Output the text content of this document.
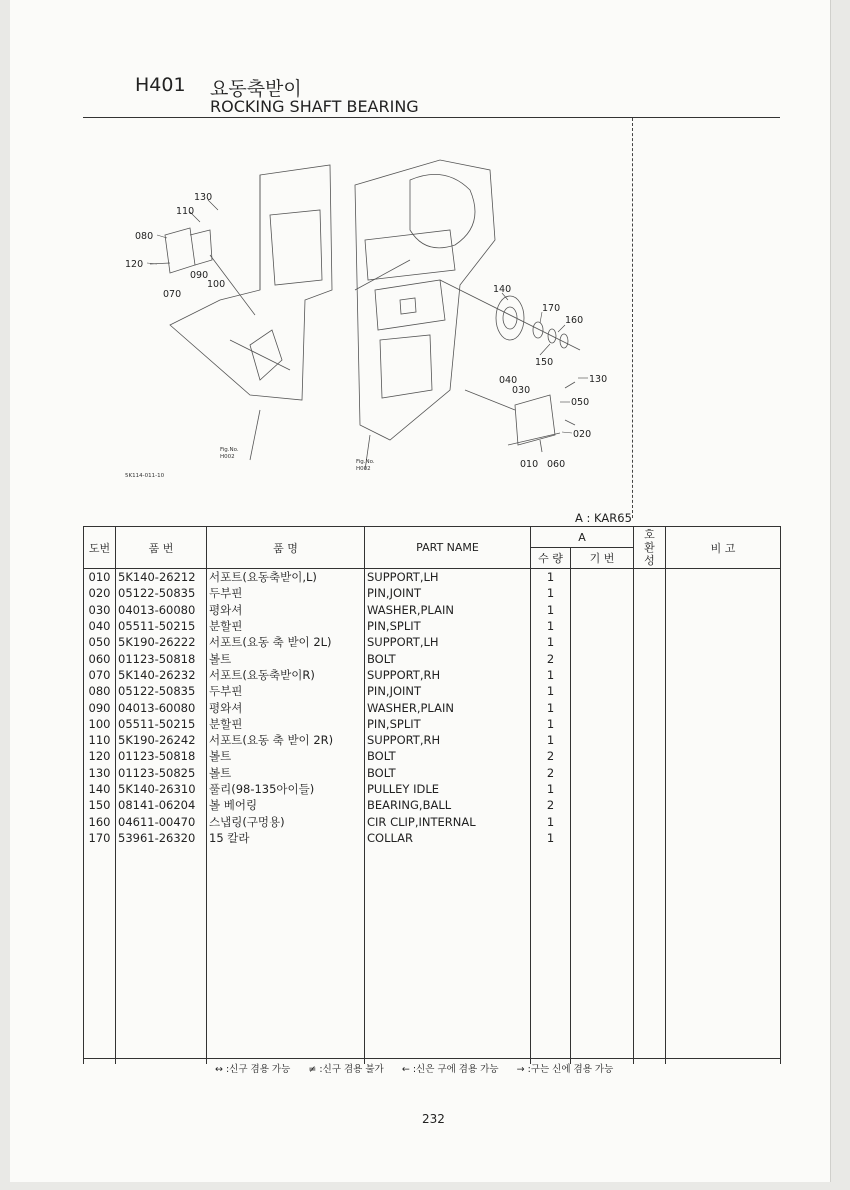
H401 요동축받이
ROCKING SHAFT BEARING
130
110
080
120
090
100
070	140
170
160
150
040
030
130
050
020
010 060
Fig.No.
H002
Fig.No.
H002
5K114-011-10
A : KAR65
도번	품 번	품 명	PART NAME	A		호
환
성	비 고
				수 량	기 번		
010	5K140-26212	서포트(요동축받이,L)	SUPPORT,LH	1			
020	05122-50835	두부핀	PIN,JOINT	1			
030	04013-60080	평와셔	WASHER,PLAIN	1			
040	05511-50215	분할핀	PIN,SPLIT	1			
050	5K190-26222	서포트(요동 축 받이 2L)	SUPPORT,LH	1			
060	01123-50818	볼트	BOLT	2			
070	5K140-26232	서포트(요동축받이R)	SUPPORT,RH	1			
080	05122-50835	두부핀	PIN,JOINT	1			
090	04013-60080	평와셔	WASHER,PLAIN	1			
100	05511-50215	분할핀	PIN,SPLIT	1			
110	5K190-26242	서포트(요동 축 받이 2R)	SUPPORT,RH	1			
120	01123-50818	볼트	BOLT	2			
130	01123-50825	볼트	BOLT	2			
140	5K140-26310	풀리(98-135아이들)	PULLEY IDLE	1			
150	08141-06204	볼 베어링	BEARING,BALL	2			
160	04611-00470	스냅링(구멍용)	CIR CLIP,INTERNAL	1			
170	53961-26320	15 칼라	COLLAR	1			

↔ :신구 겸용 가능 ≠ :신구 겸용 불가 ← :신은 구에 겸용 가능 → :구는 신에 겸용 가능
232
